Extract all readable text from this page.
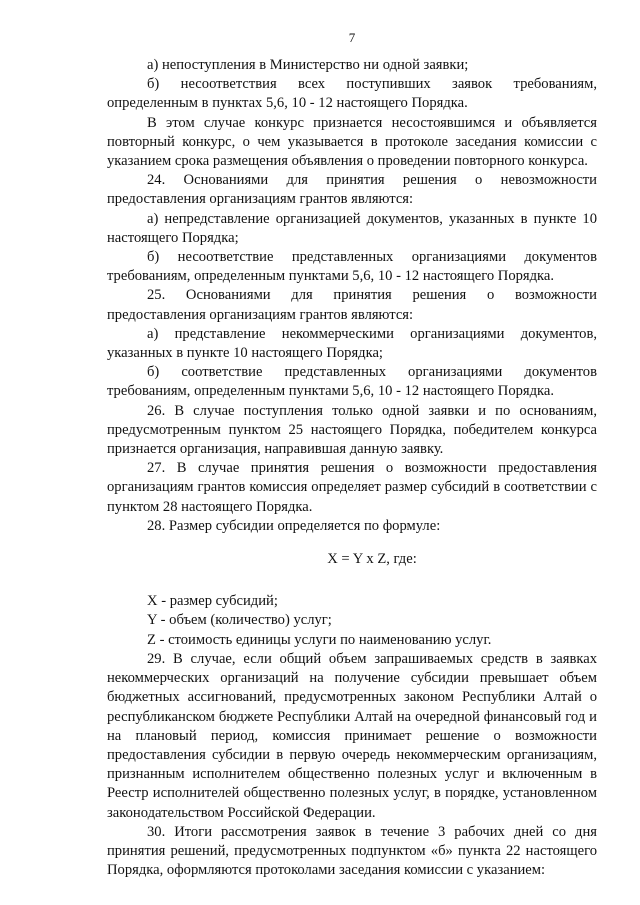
7

а) непоступления в Министерство ни одной заявки;

б) несоответствия всех поступивших заявок требованиям, определенным в пунктах 5,6, 10 - 12 настоящего Порядка.

В этом случае конкурс признается несостоявшимся и объявляется повторный конкурс, о чем указывается в протоколе заседания комиссии с указанием срока размещения объявления о проведении повторного конкурса.

24. Основаниями для принятия решения о невозможности предоставления организациям грантов являются:

а) непредставление организацией документов, указанных в пункте 10 настоящего Порядка;

б) несоответствие представленных организациями документов требованиям, определенным пунктами 5,6, 10 - 12 настоящего Порядка.

25. Основаниями для принятия решения о возможности предоставления организациям грантов являются:

а) представление некоммерческими организациями документов, указанных в пункте 10 настоящего Порядка;

б) соответствие представленных организациями документов требованиям, определенным пунктами 5,6, 10 - 12 настоящего Порядка.

26. В случае поступления только одной заявки и по основаниям, предусмотренным пунктом 25 настоящего Порядка, победителем конкурса признается организация, направившая данную заявку.

27. В случае принятия решения о возможности предоставления организациям грантов комиссия определяет размер субсидий в соответствии с пунктом 28 настоящего Порядка.

28. Размер субсидии определяется по формуле:

X = Y x Z, где:

X - размер субсидий;

Y - объем (количество) услуг;

Z - стоимость единицы услуги по наименованию услуг.

29. В случае, если общий объем запрашиваемых средств в заявках некоммерческих организаций на получение субсидии превышает объем бюджетных ассигнований, предусмотренных законом Республики Алтай о республиканском бюджете Республики Алтай на очередной финансовый год и на плановый период, комиссия принимает решение о возможности предоставления субсидии в первую очередь некоммерческим организациям, признанным исполнителем общественно полезных услуг и включенным в Реестр исполнителей общественно полезных услуг, в порядке, установленном законодательством Российской Федерации.

30. Итоги рассмотрения заявок в течение 3 рабочих дней со дня принятия решений, предусмотренных подпунктом «б» пункта 22 настоящего Порядка, оформляются протоколами заседания комиссии с указанием:
